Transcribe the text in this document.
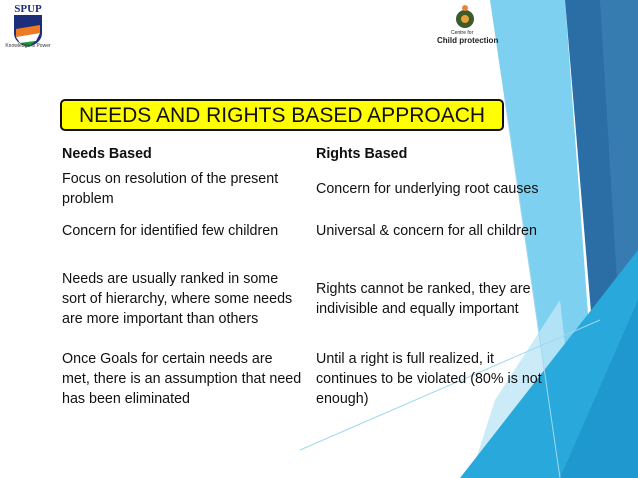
SPUP
Knowledge is Power
Centre for
Child protection
NEEDS AND RIGHTS BASED APPROACH
Needs Based	Rights Based
Focus on resolution of the present problem
Concern for underlying root causes
Concern for identified few children	Universal & concern for all children
Needs are usually ranked in some sort of hierarchy, where some needs are more important than others
Rights cannot be ranked, they are indivisible and equally important
Once Goals for certain needs are met, there is an assumption that need has been eliminated
Until a right is full realized, it continues to be violated (80% is not enough)
